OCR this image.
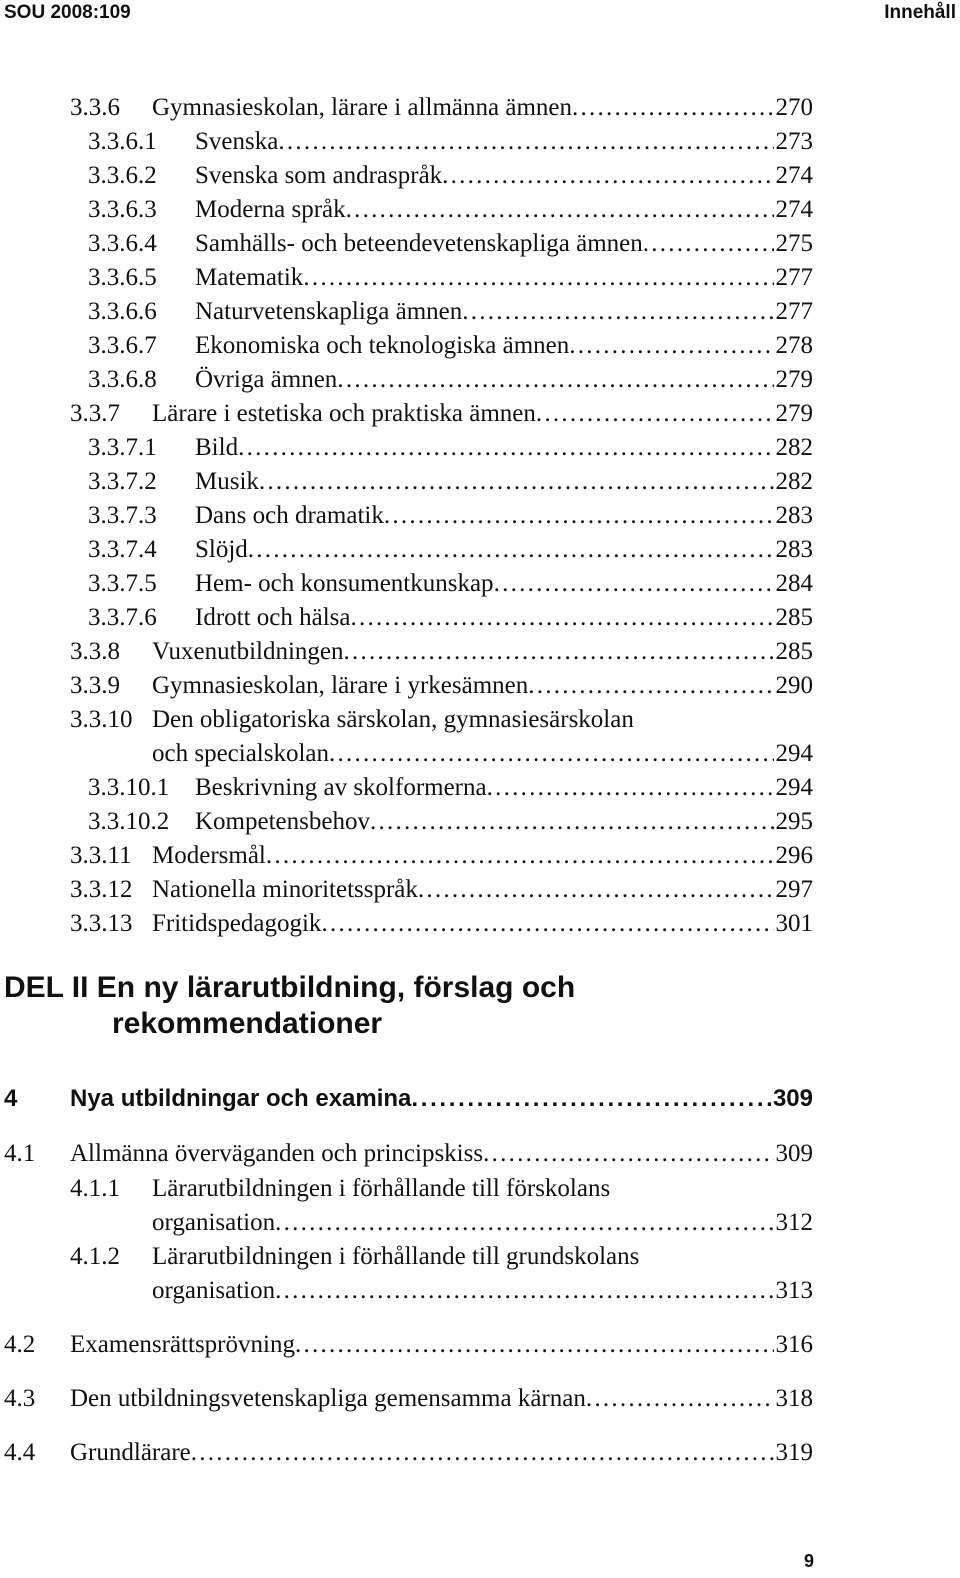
SOU 2008:109	Innehåll
3.3.6 Gymnasieskolan, lärare i allmänna ämnen . . .	270
3.3.6.1 Svenska . . .	273
3.3.6.2 Svenska som andraspråk . . .	274
3.3.6.3 Moderna språk . . .	274
3.3.6.4 Samhälls- och beteendevetenskapliga ämnen . . .	275
3.3.6.5 Matematik . . .	277
3.3.6.6 Naturvetenskapliga ämnen . . .	277
3.3.6.7 Ekonomiska och teknologiska ämnen . . .	278
3.3.6.8 Övriga ämnen . . .	279
3.3.7 Lärare i estetiska och praktiska ämnen . . .	279
3.3.7.1 Bild . . .	282
3.3.7.2 Musik . . .	282
3.3.7.3 Dans och dramatik . . .	283
3.3.7.4 Slöjd . . .	283
3.3.7.5 Hem- och konsumentkunskap . . .	284
3.3.7.6 Idrott och hälsa . . .	285
3.3.8 Vuxenutbildningen . . .	285
3.3.9 Gymnasieskolan, lärare i yrkesämnen . . .	290
3.3.10 Den obligatoriska särskolan, gymnasiesärskolan
och specialskolan . . .	294
3.3.10.1 Beskrivning av skolformerna . . .	294
3.3.10.2 Kompetensbehov . . .	295
3.3.11 Modersmål . . .	296
3.3.12 Nationella minoritetsspråk . . .	297
3.3.13 Fritidspedagogik . . .	301
4 Nya utbildningar och examina . . .	309
4.1 Allmänna överväganden och principskiss . . .	309
4.1.1 Lärarutbildningen i förhållande till förskolans
organisation . . .	312
4.1.2 Lärarutbildningen i förhållande till grundskolans
organisation . . .	313
4.2 Examensrättsprövning . . .	316
4.3 Den utbildningsvetenskapliga gemensamma kärnan . . .	318
4.4 Grundlärare . . .	319
DEL II En ny lärarutbildning, förslag och
rekommendationer
9
